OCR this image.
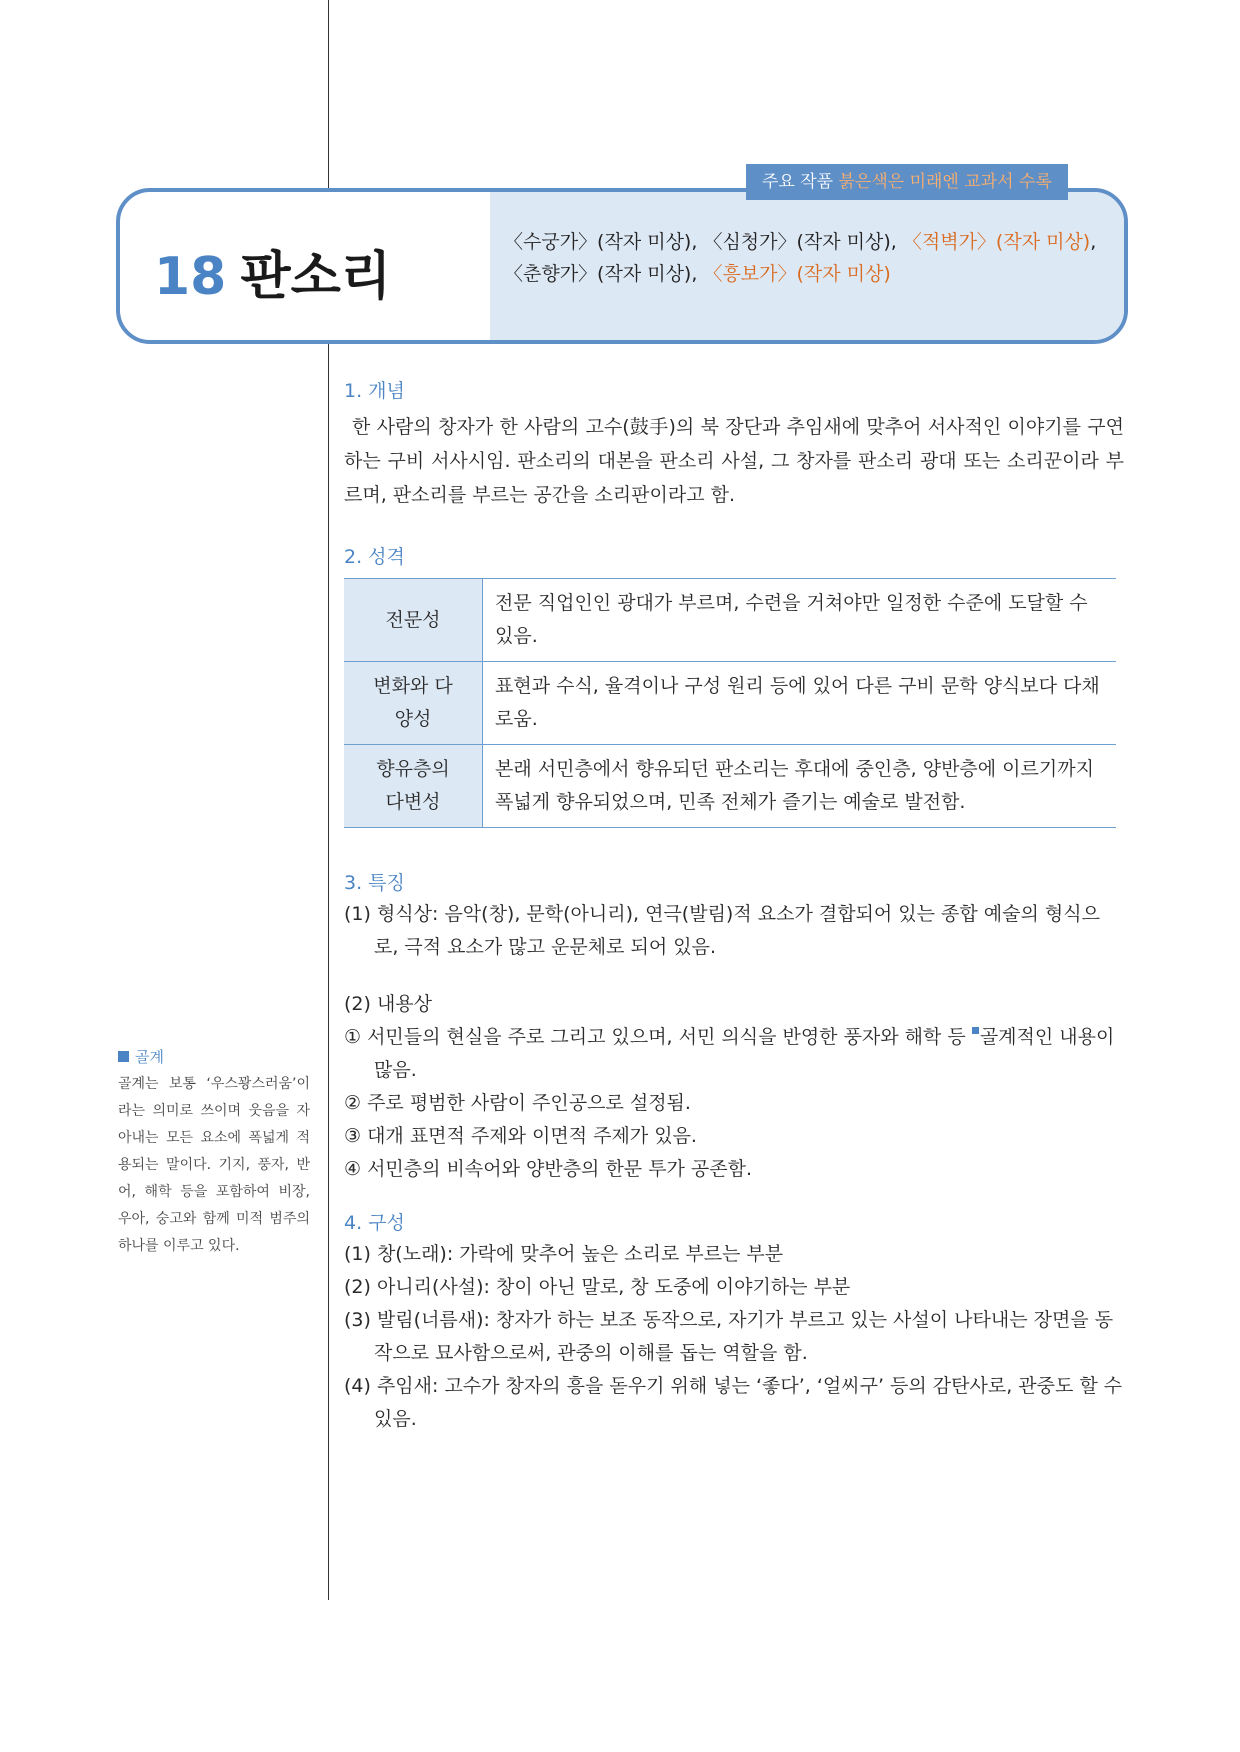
18 판소리
〈수궁가〉(작자 미상), 〈심청가〉(작자 미상), 〈적벽가〉(작자 미상), 〈춘향가〉(작자 미상), 〈흥보가〉(작자 미상)
주요 작품 붉은색은 미래엔 교과서 수록
1. 개념
한 사람의 창자가 한 사람의 고수(鼓手)의 북 장단과 추임새에 맞추어 서사적인 이야기를 구연하는 구비 서사시임. 판소리의 대본을 판소리 사설, 그 창자를 판소리 광대 또는 소리꾼이라 부르며, 판소리를 부르는 공간을 소리판이라고 함.
2. 성격
전문성	전문 직업인인 광대가 부르며, 수련을 거쳐야만 일정한 수준에 도달할 수 있음.

변화와 다양성	표현과 수식, 율격이나 구성 원리 등에 있어 다른 구비 문학 양식보다 다채로움.

향유층의 다변성	본래 서민층에서 향유되던 판소리는 후대에 중인층, 양반층에 이르기까지 폭넓게 향유되었으며, 민족 전체가 즐기는 예술로 발전함.
3. 특징
(1) 형식상: 음악(창), 문학(아니리), 연극(발림)적 요소가 결합되어 있는 종합 예술의 형식으로, 극적 요소가 많고 운문체로 되어 있음.
(2) 내용상
① 서민들의 현실을 주로 그리고 있으며, 서민 의식을 반영한 풍자와 해학 등 골계적인 내용이 많음.
② 주로 평범한 사람이 주인공으로 설정됨.
③ 대개 표면적 주제와 이면적 주제가 있음.
④ 서민층의 비속어와 양반층의 한문 투가 공존함.
4. 구성
(1) 창(노래): 가락에 맞추어 높은 소리로 부르는 부분
(2) 아니리(사설): 창이 아닌 말로, 창 도중에 이야기하는 부분
(3) 발림(너름새): 창자가 하는 보조 동작으로, 자기가 부르고 있는 사설이 나타내는 장면을 동작으로 묘사함으로써, 관중의 이해를 돕는 역할을 함.
(4) 추임새: 고수가 창자의 흥을 돋우기 위해 넣는 ‘좋다’, ‘얼씨구’ 등의 감탄사로, 관중도 할 수 있음.
골계
골계는 보통 ‘우스꽝스러움’이라는 의미로 쓰이며 웃음을 자아내는 모든 요소에 폭넓게 적용되는 말이다. 기지, 풍자, 반어, 해학 등을 포함하여 비장, 우아, 숭고와 함께 미적 범주의 하나를 이루고 있다.
